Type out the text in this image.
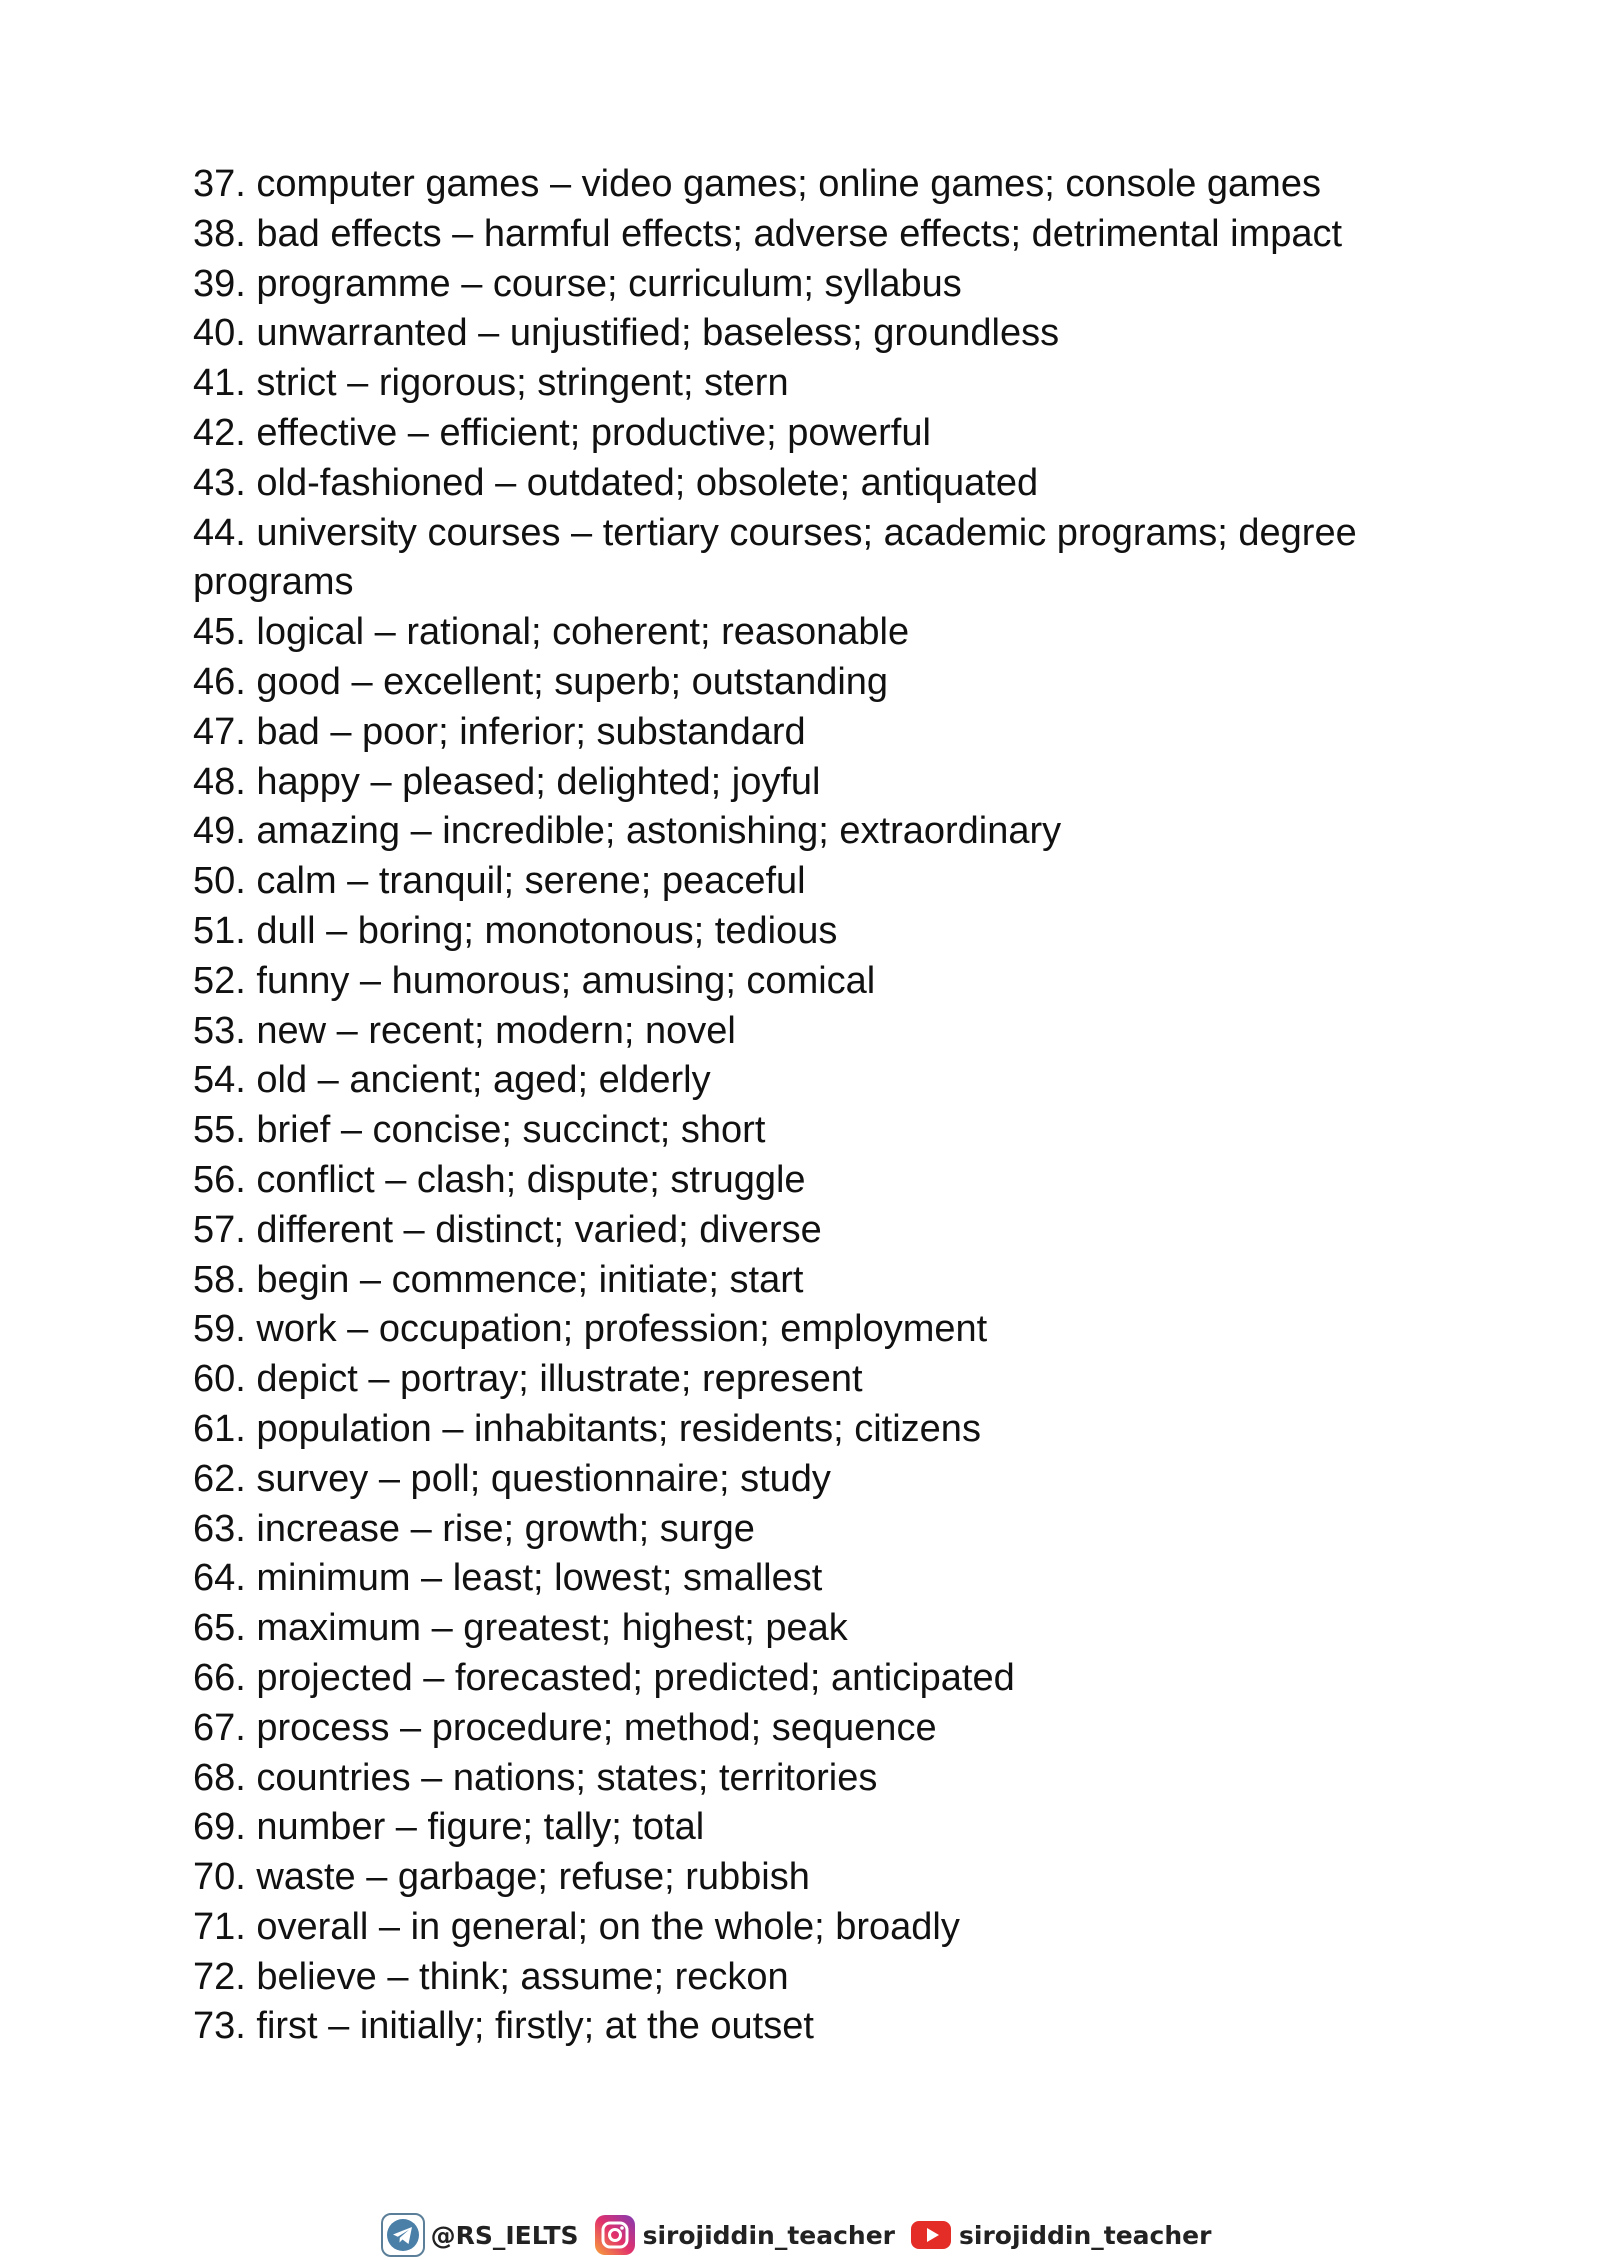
37. computer games – video games; online games; console games
38. bad effects – harmful effects; adverse effects; detrimental impact
39. programme – course; curriculum; syllabus
40. unwarranted – unjustified; baseless; groundless
41. strict – rigorous; stringent; stern
42. effective – efficient; productive; powerful
43. old-fashioned – outdated; obsolete; antiquated
44. university courses – tertiary courses; academic programs; degree programs
45. logical – rational; coherent; reasonable
46. good – excellent; superb; outstanding
47. bad – poor; inferior; substandard
48. happy – pleased; delighted; joyful
49. amazing – incredible; astonishing; extraordinary
50. calm – tranquil; serene; peaceful
51. dull – boring; monotonous; tedious
52. funny – humorous; amusing; comical
53. new – recent; modern; novel
54. old – ancient; aged; elderly
55. brief – concise; succinct; short
56. conflict – clash; dispute; struggle
57. different – distinct; varied; diverse
58. begin – commence; initiate; start
59. work – occupation; profession; employment
60. depict – portray; illustrate; represent
61. population – inhabitants; residents; citizens
62. survey – poll; questionnaire; study
63. increase – rise; growth; surge
64. minimum – least; lowest; smallest
65. maximum – greatest; highest; peak
66. projected – forecasted; predicted; anticipated
67. process – procedure; method; sequence
68. countries – nations; states; territories
69. number – figure; tally; total
70. waste – garbage; refuse; rubbish
71. overall – in general; on the whole; broadly
72. believe – think; assume; reckon
73. first – initially; firstly; at the outset
@RS_IELTS	sirojiddin_teacher	sirojiddin_teacher
